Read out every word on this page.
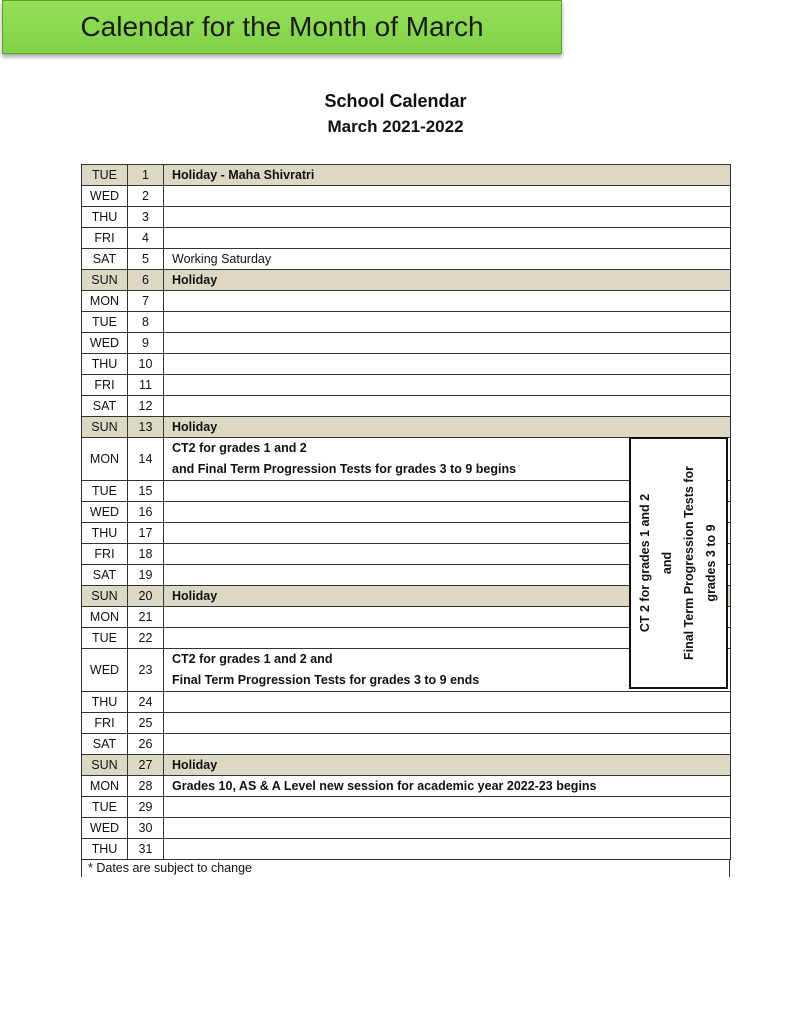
Calendar for the Month of March
School Calendar
March 2021-2022
TUE	1	Holiday - Maha Shivratri
WED	2	
THU	3	
FRI	4	
SAT	5	Working Saturday
SUN	6	Holiday
MON	7	
TUE	8	
WED	9	
THU	10	
FRI	11	
SAT	12	
SUN	13	Holiday
MON	14	CT2 for grades 1 and 2
and Final Term Progression Tests for grades 3 to 9 begins

TUE	15	
WED	16	
THU	17	
FRI	18	
SAT	19	
SUN	20	Holiday
MON	21	
TUE	22	
WED	23	CT2 for grades 1 and 2 and
Final Term Progression Tests for grades 3 to 9 ends

THU	24	
FRI	25	
SAT	26	
SUN	27	Holiday
MON	28	Grades 10, AS & A Level new session for academic year 2022-23 begins
TUE	29	
WED	30	
THU	31	
CT 2 for grades 1 and 2 and Final Term Progression Tests for grades 3 to 9
* Dates are subject to change
